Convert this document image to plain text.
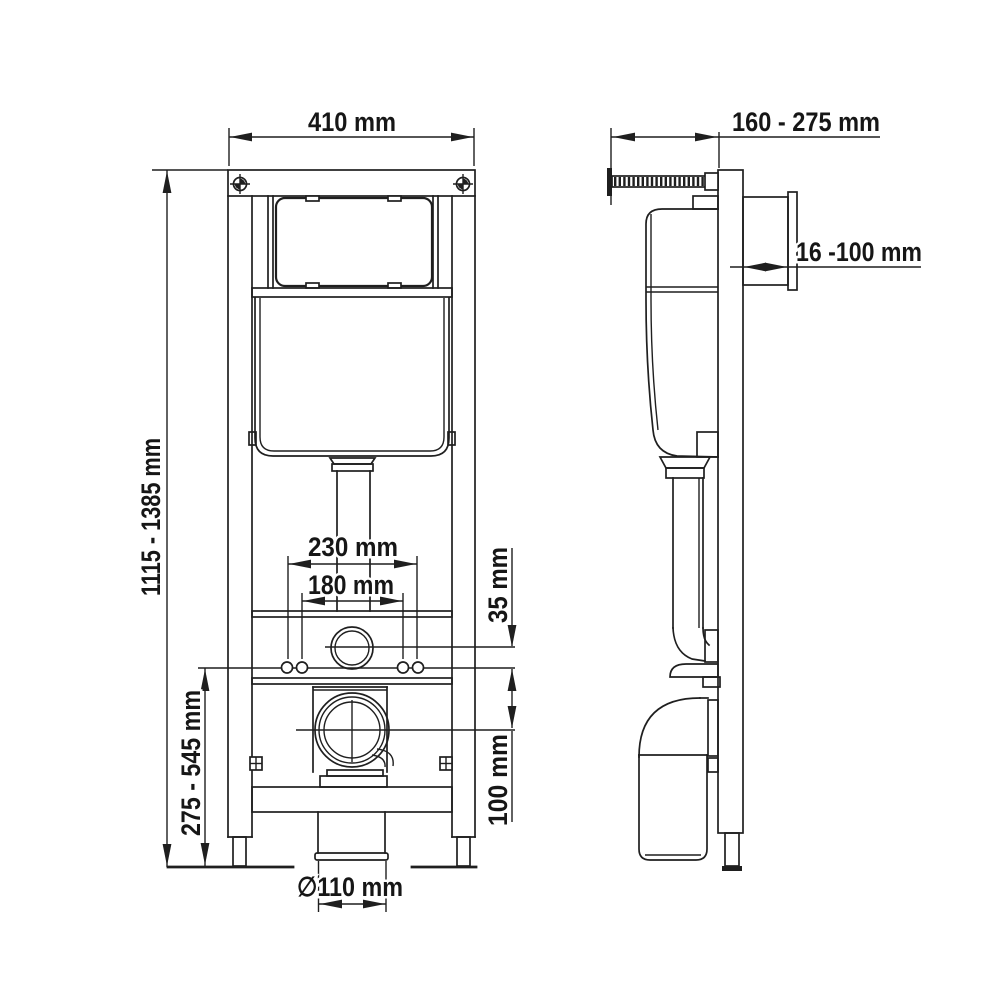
410 mm
1115 - 1385 mm
275 - 545 mm
230 mm
180 mm	35 mm
100 mm
∅110 mm
160 - 275 mm
16 -100 mm
